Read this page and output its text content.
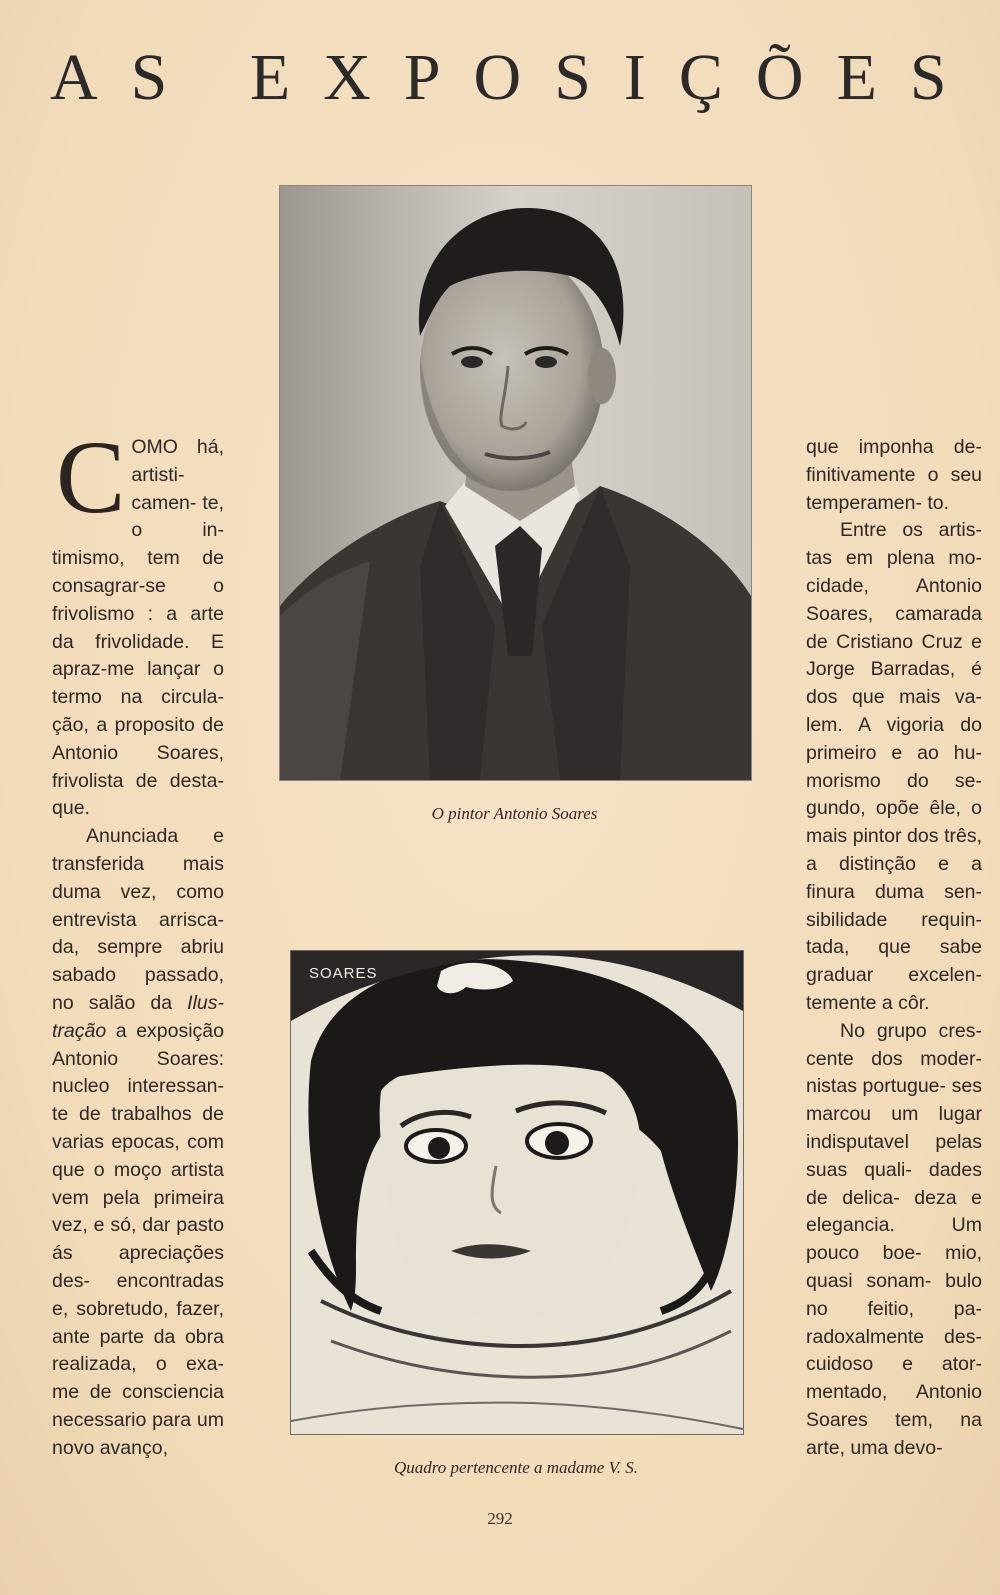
AS EXPOSIÇÕES
C OMO há, artisti- camen- te, o in- timismo, tem de consagrar-se o frivolismo : a arte da frivolidade. E apraz-me lançar o termo na circula- ção, a proposito de Antonio Soares, frivolista de desta- que.

Anunciada e transferida mais duma vez, como entrevista arrisca- da, sempre abriu sabado passado, no salão da Ilus- tração a exposição Antonio Soares: nucleo interessan- te de trabalhos de varias epocas, com que o moço artista vem pela primeira vez, e só, dar pasto ás apreciações des- encontradas e, sobretudo, fazer, ante parte da obra realizada, o exa- me de consciencia necessario para um novo avanço,

O pintor Antonio Soares
SOARES
Quadro pertencente a madame V. S.

que imponha de- finitivamente o seu temperamen- to.

Entre os artis- tas em plena mo- cidade, Antonio Soares, camarada de Cristiano Cruz e Jorge Barradas, é dos que mais va- lem. A vigoria do primeiro e ao hu- morismo do se- gundo, opõe êle, o mais pintor dos três, a distinção e a finura duma sen- sibilidade requin- tada, que sabe graduar excelen- temente a côr.

No grupo cres- cente dos moder- nistas portugue- ses marcou um lugar indisputavel pelas suas quali- dades de delica- deza e elegancia.	Um pouco boe- mio, quasi sonam- bulo no feitio, pa- radoxalmente des- cuidoso e ator- mentado, Antonio Soares tem, na arte, uma devo-

292
